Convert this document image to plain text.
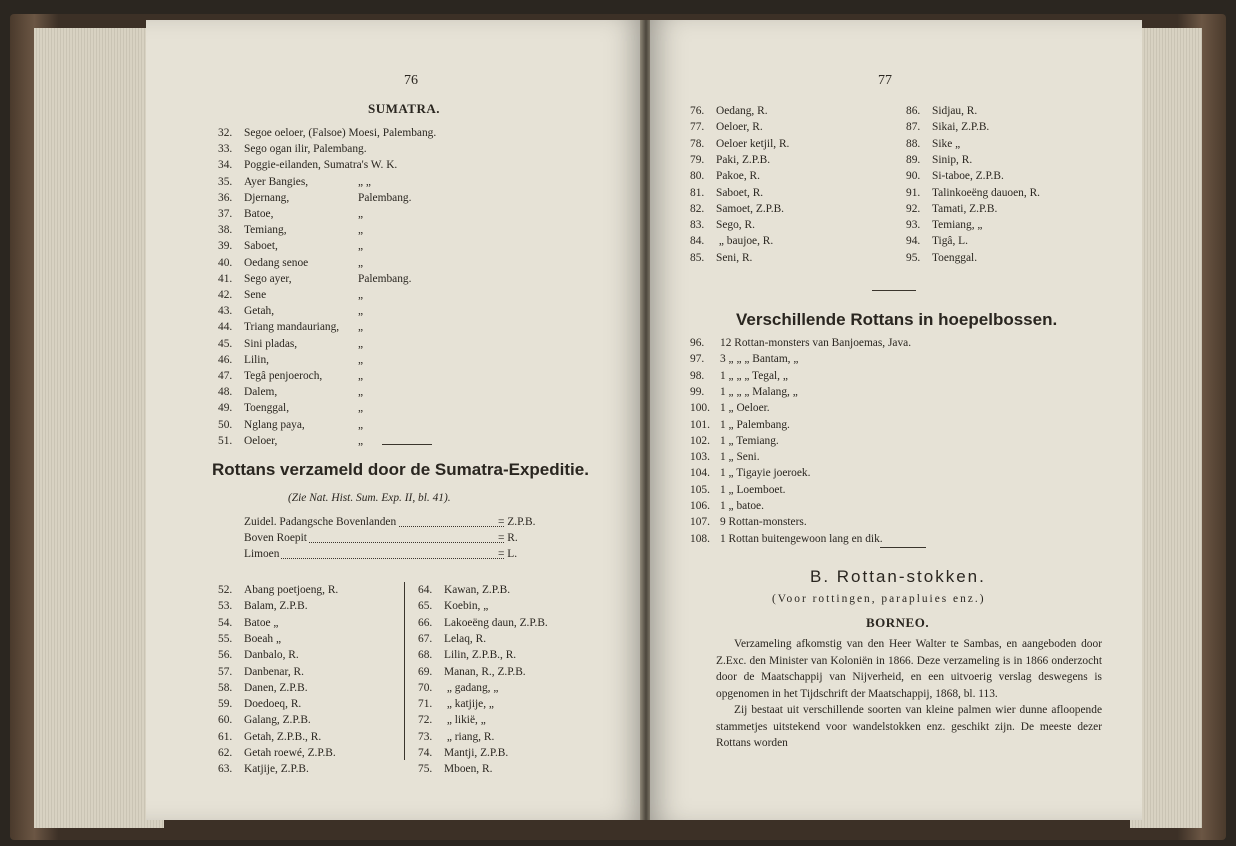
76
SUMATRA.
32. Segoe oeloer, (Falsoe) Moesi, Palembang.
33. Sego ogan ilir, Palembang.
34. Poggie-eilanden, Sumatra's W. K.
35. Ayer Bangies,	„ „
36. Djernang,	Palembang.
37. Batoe,	„
38. Temiang,	„
39. Saboet,	„
40. Oedang senoe	„
41. Sego ayer,	Palembang.
42. Sene	„
43. Getah,	„
44. Triang mandauriang, „
45. Sini pladas,	„
46. Lilin,	„
47. Tegâ penjoeroch,	„
48. Dalem,	„
49. Toenggal,	„
50. Nglang paya,	„
51. Oeloer,	„
Rottans verzameld door de Sumatra-Expeditie.
(Zie Nat. Hist. Sum. Exp. II, bl. 41).
Zuidel. Padangsche Bovenlanden	= Z.P.B.
Boven Roepit	= R.
Limoen	= L.
52. Abang poetjoeng, R.
53. Balam, Z.P.B.
54. Batoe „
55. Boeah „
56. Danbalo, R.
57. Danbenar, R.
58. Danen, Z.P.B.
59. Doedoeq, R.
60. Galang, Z.P.B.
61. Getah, Z.P.B., R.
62. Getah roewé, Z.P.B.
63. Katjije, Z.P.B.
64. Kawan, Z.P.B.
65. Koebin, „
66. Lakoeëng daun, Z.P.B.
67. Lelaq, R.
68. Lilin, Z.P.B., R.
69. Manan, R., Z.P.B.
70. „ gadang, „
71. „ katjije, „
72. „ likië, „
73. „ riang, R.
74. Mantji, Z.P.B.
75. Mboen, R.
77
76. Oedang, R.
77. Oeloer, R.
78. Oeloer ketjil, R.
79. Paki, Z.P.B.
80. Pakoe, R.
81. Saboet, R.
82. Samoet, Z.P.B.
83. Sego, R.
84. „ baujoe, R.
85. Seni, R.
86. Sidjau, R.
87. Sikai, Z.P.B.
88. Sike „
89. Sinip, R.
90. Si-taboe, Z.P.B.
91. Talinkoeëng dauoen, R.
92. Tamati, Z.P.B.
93. Temiang, „
94. Tigâ, L.
95. Toenggal.
Verschillende Rottans in hoepelbossen.
96. 12 Rottan-monsters van Banjoemas, Java.
97. 3 „ „ „ Bantam, „
98. 1 „ „ „ Tegal, „
99. 1 „ „ „ Malang, „
100. 1 „ Oeloer.
101. 1 „ Palembang.
102. 1 „ Temiang.
103. 1 „ Seni.
104. 1 „ Tigayie joeroek.
105. 1 „ Loemboet.
106. 1 „ batoe.
107. 9 Rottan-monsters.
108. 1 Rottan buitengewoon lang en dik.
B. Rottan-stokken.
(Voor rottingen, parapluies enz.)
BORNEO.

Verzameling afkomstig van den Heer Walter te Sambas, en aangeboden door Z.Exc. den Minister van Koloniën in 1866. Deze verzameling is in 1866 onderzocht door de Maatschappij van Nijverheid, en een uitvoerig verslag deswegens is opgenomen in het Tijdschrift der Maatschappij, 1868, bl. 113.

Zij bestaat uit verschillende soorten van kleine palmen wier dunne afloopende stammetjes uitstekend voor wandelstokken enz. geschikt zijn. De meeste dezer Rottans worden
